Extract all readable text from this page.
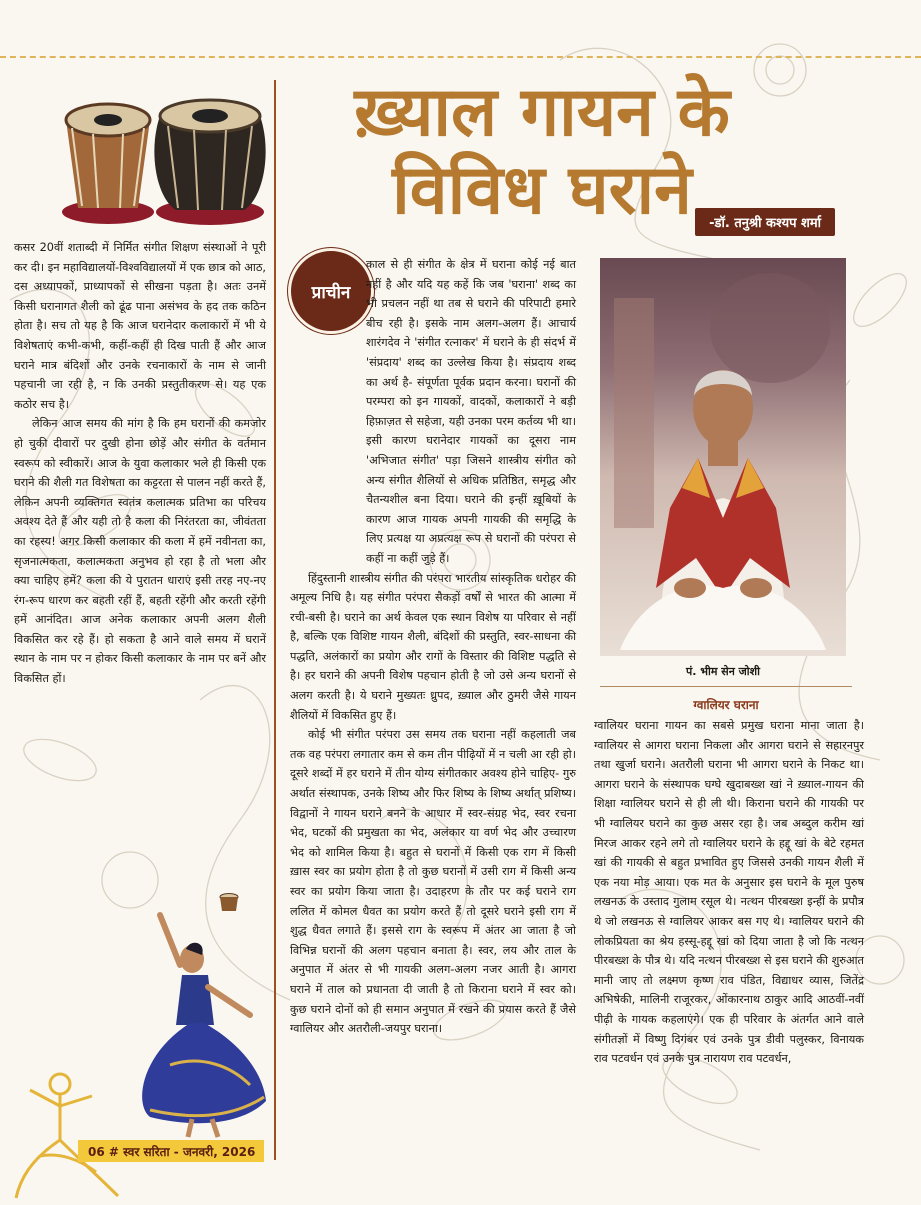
ख़्याल गायन के
विविध घराने	-डॉ. तनुश्री कश्यप शर्मा

कसर 20वीं शताब्दी में निर्मित संगीत शिक्षण संस्थाओं ने पूरी कर दी। इन महाविद्यालयों-विश्वविद्यालयों में एक छात्र को आठ, दस अध्यापकों, प्राध्यापकों से सीखना पड़ता है। अतः उनमें किसी घरानागत शैली को ढूंढ पाना असंभव के हद तक कठिन होता है। सच तो यह है कि आज घरानेदार कलाकारों में भी ये विशेषताएं कभी-कभी, कहीं-कहीं ही दिख पाती हैं और आज घराने मात्र बंदिशों और उनके रचनाकारों के नाम से जानी पहचानी जा रही है, न कि उनकी प्रस्तुतीकरण से। यह एक कठोर सच है।

लेकिन आज समय की मांग है कि हम घरानों की कमजोर हो चुकी दीवारों पर दुखी होना छोड़ें और संगीत के वर्तमान स्वरूप को स्वीकारें। आज के युवा कलाकार भले ही किसी एक घराने की शैली गत विशेषता का कट्टरता से पालन नहीं करते हैं, लेकिन अपनी व्यक्तिगत स्वतंत्र कलात्मक प्रतिभा का परिचय अवश्य देते हैं और यही तो है कला की निरंतरता का, जीवंतता का रहस्य! अगर किसी कलाकार की कला में हमें नवीनता का, सृजनात्मकता, कलात्मकता अनुभव हो रहा है तो भला और क्या चाहिए हमें? कला की ये पुरातन धाराएं इसी तरह नए-नए रंग-रूप धारण कर बहती रहीं हैं, बहती रहेंगी और करती रहेंगी हमें आनंदित। आज अनेक कलाकार अपनी अलग शैली विकसित कर रहे हैं। हो सकता है आने वाले समय में घरानें स्थान के नाम पर न होकर किसी कलाकार के नाम पर बनें और विकसित हों।

प्राचीन

काल से ही संगीत के क्षेत्र में घराना कोई नई बात नहीं है और यदि यह कहें कि जब 'घराना' शब्द का भी प्रचलन नहीं था तब से घराने की परिपाटी हमारे बीच रही है। इसके नाम अलग-अलग हैं। आचार्य शारंगदेव ने 'संगीत रत्नाकर' में घराने के ही संदर्भ में 'संप्रदाय' शब्द का उल्लेख किया है। संप्रदाय शब्द का अर्थ है- संपूर्णता पूर्वक प्रदान करना। घरानों की परम्परा को इन गायकों, वादकों, कलाकारों ने बड़ी हिफ़ाज़त से सहेजा, यही उनका परम कर्तव्य भी था। इसी कारण घरानेदार गायकों का दूसरा नाम 'अभिजात संगीत' पड़ा जिसने शास्त्रीय संगीत को अन्य संगीत शैलियों से अधिक प्रतिष्ठित, समृद्ध और चैतन्यशील बना दिया। घराने की इन्हीं ख़ूबियों के कारण आज गायक अपनी गायकी की समृद्धि के लिए प्रत्यक्ष या अप्रत्यक्ष रूप से घरानों की परंपरा से कहीं ना कहीं जुड़े हैं।

हिंदुस्तानी शास्त्रीय संगीत की परंपरा भारतीय सांस्कृतिक धरोहर की अमूल्य निधि है। यह संगीत परंपरा सैकड़ों वर्षों से भारत की आत्मा में रची-बसी है। घराने का अर्थ केवल एक स्थान विशेष या परिवार से नहीं है, बल्कि एक विशिष्ट गायन शैली, बंदिशों की प्रस्तुति, स्वर-साधना की पद्धति, अलंकारों का प्रयोग और रागों के विस्तार की विशिष्ट पद्धति से है। हर घराने की अपनी विशेष पहचान होती है जो उसे अन्य घरानों से अलग करती है। ये घराने मुख्यतः ध्रुपद, ख़्याल और ठुमरी जैसे गायन शैलियों में विकसित हुए हैं।

कोई भी संगीत परंपरा उस समय तक घराना नहीं कहलाती जब तक वह परंपरा लगातार कम से कम तीन पीढ़ियों में न चली आ रही हो। दूसरे शब्दों में हर घराने में तीन योग्य संगीतकार अवश्य होने चाहिए- गुरु अर्थात संस्थापक, उनके शिष्य और फिर शिष्य के शिष्य अर्थात् प्रशिष्य। विद्वानों ने गायन घराने बनने के आधार में स्वर-संग्रह भेद, स्वर रचना भेद, घटकों की प्रमुखता का भेद, अलंकार या वर्ण भेद और उच्चारण भेद को शामिल किया है। बहुत से घरानों में किसी एक राग में किसी ख़ास स्वर का प्रयोग होता है तो कुछ घरानों में उसी राग में किसी अन्य स्वर का प्रयोग किया जाता है। उदाहरण के तौर पर कई घराने राग ललित में कोमल धैवत का प्रयोग करते हैं तो दूसरे घराने इसी राग में शुद्ध धैवत लगाते हैं। इससे राग के स्वरूप में अंतर आ जाता है जो विभिन्न घरानों की अलग पहचान बनाता है। स्वर, लय और ताल के अनुपात में अंतर से भी गायकी अलग-अलग नजर आती है। आगरा घराने में ताल को प्रधानता दी जाती है तो किराना घराने में स्वर को। कुछ घराने दोनों को ही समान अनुपात में रखने की प्रयास करते हैं जैसे ग्वालियर और अतरौली-जयपुर घराना।

पं. भीम सेन जोशी
ग्वालियर घराना

ग्वालियर घराना गायन का सबसे प्रमुख घराना माना जाता है। ग्वालियर से आगरा घराना निकला और आगरा घराने से सहारनपुर तथा खुर्जा घराने। अतरौली घराना भी आगरा घराने के निकट था। आगरा घराने के संस्थापक घग्घे खुदाबख्श खां ने ख़्याल-गायन की शिक्षा ग्वालियर घराने से ही ली थी। किराना घराने की गायकी पर भी ग्वालियर घराने का कुछ असर रहा है। जब अब्दुल करीम खां मिरज आकर रहने लगे तो ग्वालियर घराने के हद्दू खां के बेटे रहमत खां की गायकी से बहुत प्रभावित हुए जिससे उनकी गायन शैली में एक नया मोड़ आया। एक मत के अनुसार इस घराने के मूल पुरुष लखनऊ के उस्ताद गुलाम रसूल थे। नत्थन पीरबख्श इन्हीं के प्रपौत्र थे जो लखनऊ से ग्वालियर आकर बस गए थे। ग्वालियर घराने की लोकप्रियता का श्रेय हस्सू-हद्दू खां को दिया जाता है जो कि नत्थन पीरबख्श के पौत्र थे। यदि नत्थन पीरबख्श से इस घराने की शुरुआत मानी जाए तो लक्ष्मण कृष्ण राव पंडित, विद्याधर व्यास, जितेंद्र अभिषेकी, मालिनी राजूरकर, ओंकारनाथ ठाकुर आदि आठवीं-नवीं पीढ़ी के गायक कहलाएंगे। एक ही परिवार के अंतर्गत आने वाले संगीतज्ञों में विष्णु दिगंबर एवं उनके पुत्र डीवी पलुस्कर, विनायक राव पटवर्धन एवं उनके पुत्र नारायण राव पटवर्धन,

06 # स्वर सरिता - जनवरी, 2026
